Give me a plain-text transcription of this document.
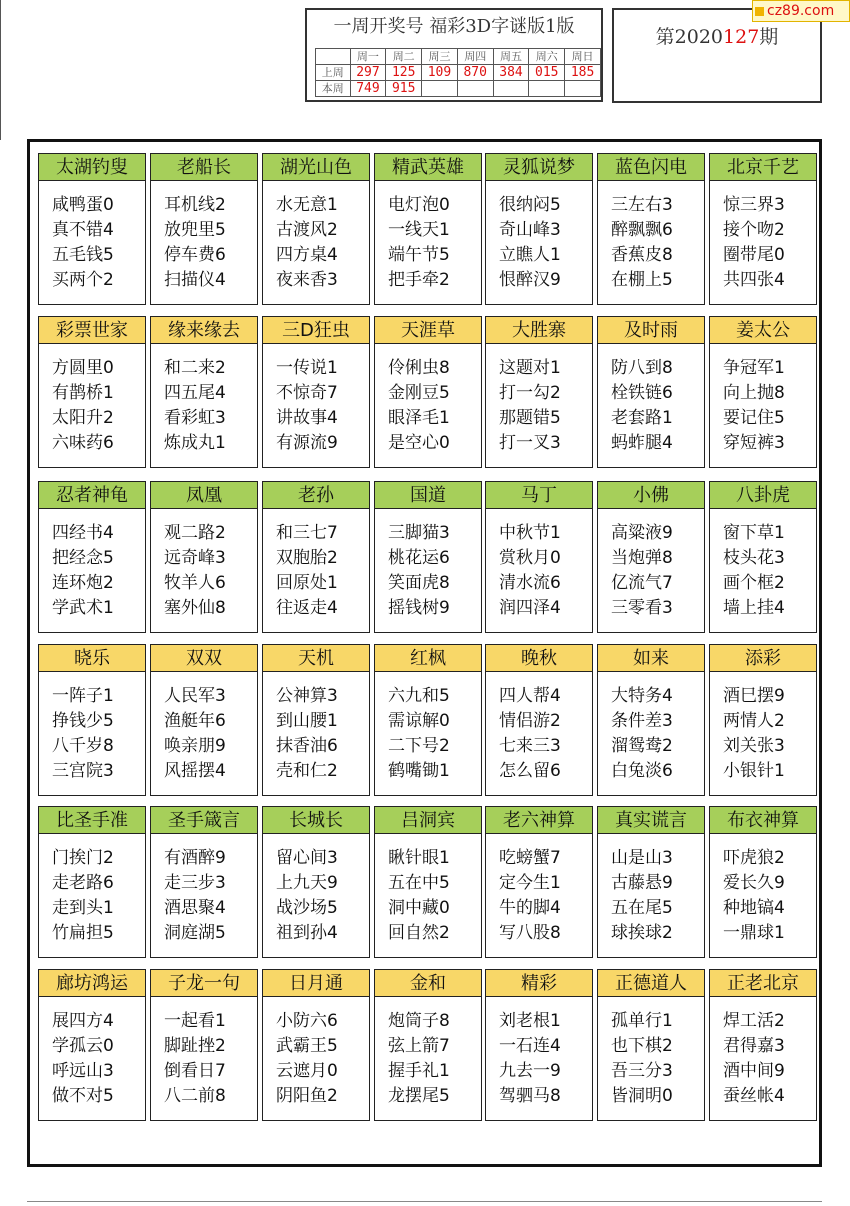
一周开奖号 福彩3D字谜版1版
	周一	周二	周三	周四	周五	周六	周日
上周	297	125	109	870	384	015	185
本周	749	915					
第2020127期
cz89.com
太湖钓叟
咸鸭蛋0
真不错4
五毛钱5
买两个2
老船长
耳机线2
放兜里5
停车费6
扫描仪4
湖光山色
水无意1
古渡风2
四方桌4
夜来香3
精武英雄
电灯泡0
一线天1
端午节5
把手牵2
灵狐说梦
很纳闷5
奇山峰3
立瞧人1
恨醉汉9
蓝色闪电
三左右3
醉飘飘6
香蕉皮8
在棚上5
北京千艺
惊三界3
接个吻2
圈带尾0
共四张4
彩票世家
方圆里0
有鹊桥1
太阳升2
六味药6
缘来缘去
和二来2
四五尾4
看彩虹3
炼成丸1
三D狂虫
一传说1
不惊奇7
讲故事4
有源流9
天涯草
伶俐虫8
金刚豆5
眼泽毛1
是空心0
大胜寨
这题对1
打一勾2
那题错5
打一叉3
及时雨
防八到8
栓铁链6
老套路1
蚂蚱腿4
姜太公
争冠军1
向上抛8
要记住5
穿短裤3
忍者神龟
四经书4
把经念5
连环炮2
学武术1
凤凰
观二路2
远奇峰3
牧羊人6
塞外仙8
老孙
和三七7
双胞胎2
回原处1
往返走4
国道
三脚猫3
桃花运6
笑面虎8
摇钱树9
马丁
中秋节1
赏秋月0
清水流6
润四泽4
小佛
高粱液9
当炮弹8
亿流气7
三零看3
八卦虎
窗下草1
枝头花3
画个框2
墙上挂4
晓乐
一阵子1
挣钱少5
八千岁8
三宫院3
双双
人民军3
渔艇年6
唤亲朋9
风摇摆4
天机
公神算3
到山腰1
抹香油6
壳和仁2
红枫
六九和5
需谅解0
二下号2
鹤嘴锄1
晚秋
四人帮4
情侣游2
七来三3
怎么留6
如来
大特务4
条件差3
溜鸳鸯2
白兔淡6
添彩
酒巳摆9
两情人2
刘关张3
小银针1
比圣手准
门挨门2
走老路6
走到头1
竹扁担5
圣手箴言
有酒醉9
走三步3
酒思聚4
洞庭湖5
长城长
留心间3
上九天9
战沙场5
祖到孙4
吕洞宾
瞅针眼1
五在中5
洞中藏0
回自然2
老六神算
吃螃蟹7
定今生1
牛的脚4
写八股8
真实谎言
山是山3
古藤悬9
五在尾5
球挨球2
布衣神算
吓虎狼2
爱长久9
种地镐4
一鼎球1
廊坊鸿运
展四方4
学孤云0
呼远山3
做不对5
子龙一句
一起看1
脚趾挫2
倒看日7
八二前8
日月通
小防六6
武霸王5
云遮月0
阴阳鱼2
金和
炮筒子8
弦上箭7
握手礼1
龙摆尾5
精彩
刘老根1
一石连4
九去一9
驾驷马8
正德道人
孤单行1
也下棋2
吾三分3
皆洞明0
正老北京
焊工活2
君得嘉3
酒中间9
蚕丝帐4
